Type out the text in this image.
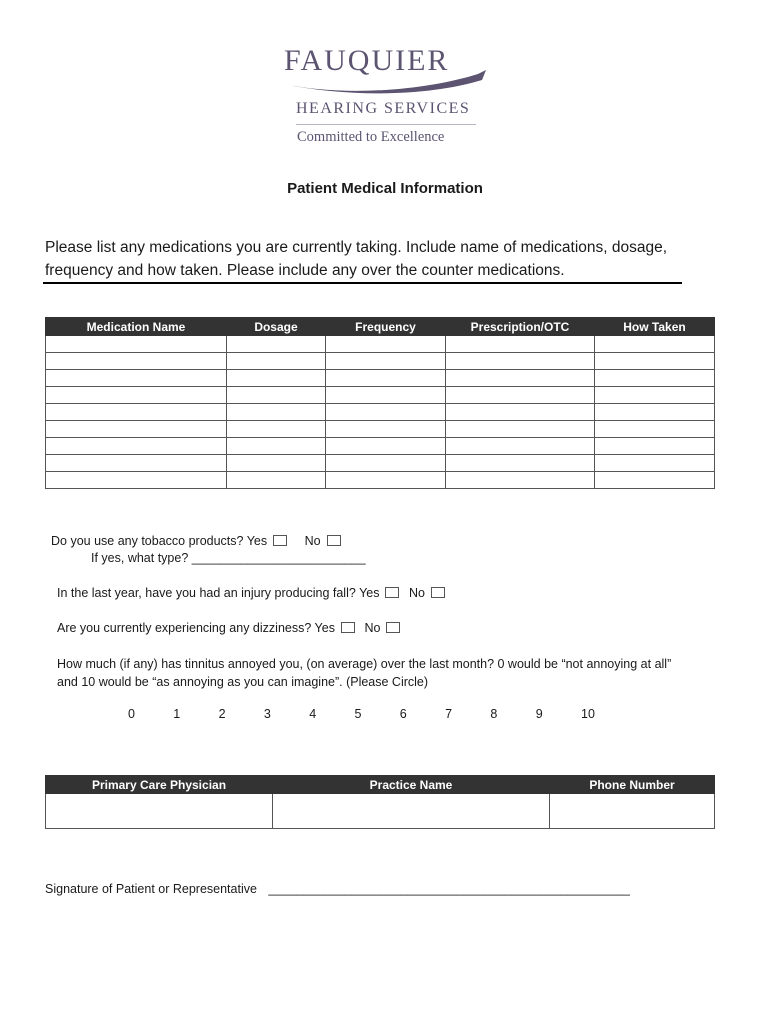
FAUQUIER
HEARING SERVICES
Committed to Excellence
Patient Medical Information
Please list any medications you are currently taking. Include name of medications, dosage, frequency and how taken. Please include any over the counter medications.
Medication Name	Dosage	Frequency	Prescription/OTC	How Taken

Do you use any tobacco products? Yes	No
If yes, what type? _________________________
In the last year, have you had an injury producing fall? Yes No
Are you currently experiencing any dizziness? Yes No
How much (if any) has tinnitus annoyed you, (on average) over the last month? 0 would be “not annoying at all” and 10 would be “as annoying as you can imagine”. (Please Circle)
0	1	2	3	4	5	6	7	8	9	10
Primary Care Physician	Practice Name	Phone Number

Signature of Patient or Representative ____________________________________________________
